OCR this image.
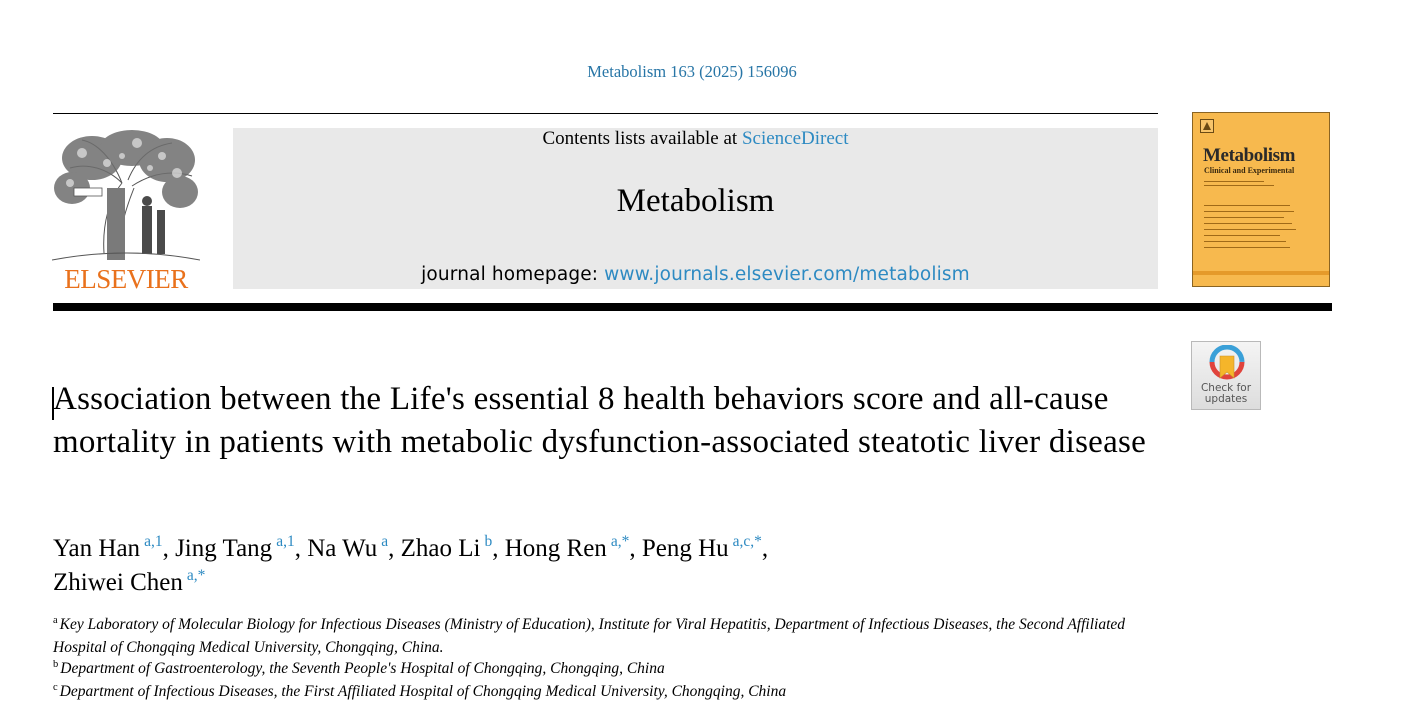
Metabolism 163 (2025) 156096
ELSEVIER
Contents lists available at ScienceDirect
Metabolism
journal homepage: www.journals.elsevier.com/metabolism
Metabolism
Clinical and Experimental
Check for
updates
Association between the Life's essential 8 health behaviors score and all-cause mortality in patients with metabolic dysfunction-associated steatotic liver disease
Yan Han $^{a,1}$, Jing Tang $^{a,1}$, Na Wu $^a$, Zhao Li $^b$, Hong Ren $^{a,*}$, Peng Hu $^{a,c,*}$,
Zhiwei Chen $^{a,*}$
$^a$ Key Laboratory of Molecular Biology for Infectious Diseases (Ministry of Education), Institute for Viral Hepatitis, Department of Infectious Diseases, the Second Affiliated Hospital of Chongqing Medical University, Chongqing, China.
$^b$ Department of Gastroenterology, the Seventh People's Hospital of Chongqing, Chongqing, China
$^c$ Department of Infectious Diseases, the First Affiliated Hospital of Chongqing Medical University, Chongqing, China
